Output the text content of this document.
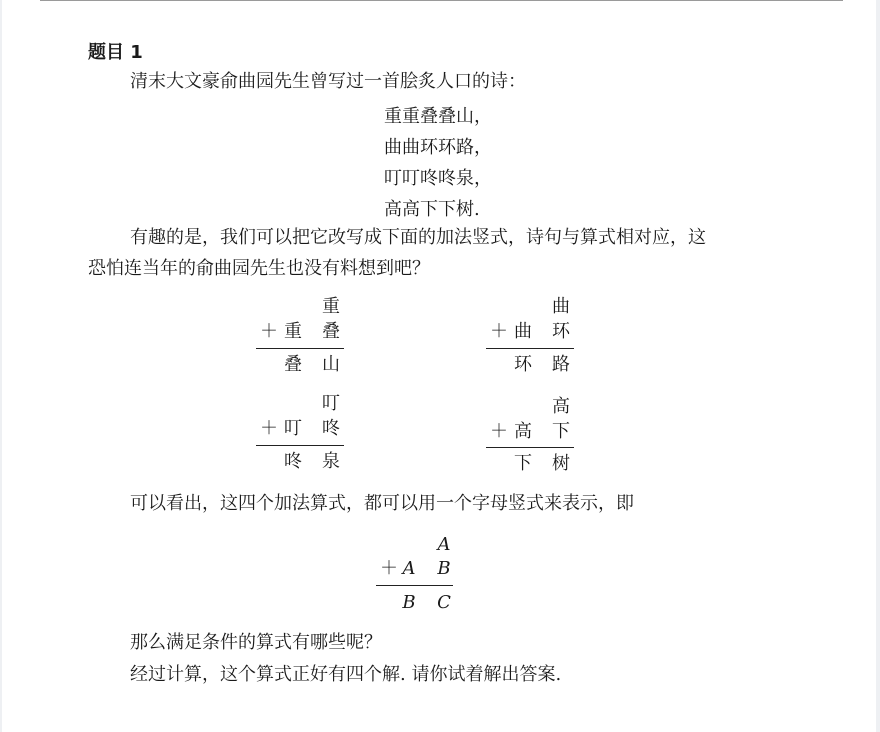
题目 1
清末大文豪俞曲园先生曾写过一首脍炙人口的诗：
重重叠叠山，
曲曲环环路，
叮叮咚咚泉，
高高下下树.
有趣的是，我们可以把它改写成下面的加法竖式，诗句与算式相对应，这
恐怕连当年的俞曲园先生也没有料想到吧？
重
＋ 重 叠
叠 山
曲
＋ 曲 环
环 路
叮
＋ 叮 咚
咚 泉
高
＋ 高 下
下 树
可以看出，这四个加法算式，都可以用一个字母竖式来表示，即
A
＋ A B
B C
那么满足条件的算式有哪些呢？
经过计算，这个算式正好有四个解. 请你试着解出答案.
